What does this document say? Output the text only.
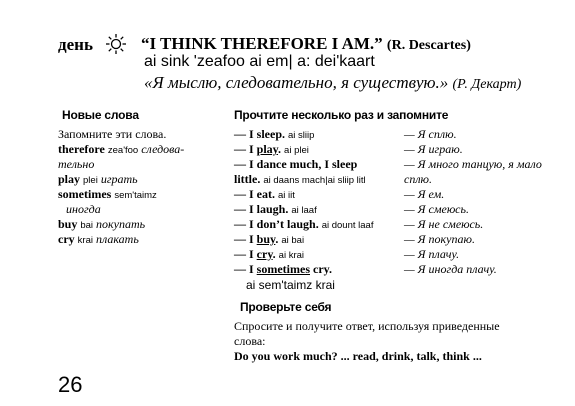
день	“I THINK THEREFORE I AM.” (R. Descartes)
ai sink 'zeafoo ai em| a: dei'kaart
«Я мыслю, следовательно, я существую.» (Р. Декарт)
Новые слова
Запомните эти слова.
therefore zea'foo следова-
тельно
play plei играть
sometimes sem'taimz
иногда
buy bai покупать
cry krai плакать
Прочтите несколько раз и запомните
— I sleep. ai sliip	— Я сплю.
— I play. ai plei	— Я играю.
— I dance much, I sleep	— Я много танцую, я мало
little. ai daans mach|ai sliip litl	сплю.
— I eat. ai iit	— Я ем.
— I laugh. ai laaf	— Я смеюсь.
— I don’t laugh. ai dount laaf	— Я не смеюсь.
— I buy. ai bai	— Я покупаю.
— I cry. ai krai	— Я плачу.
— I sometimes cry.	— Я иногда плачу.
ai sem'taimz krai
Проверьте себя
Спросите и получите ответ, используя приведенные
слова:
Do you work much? ... read, drink, talk, think ...
26
